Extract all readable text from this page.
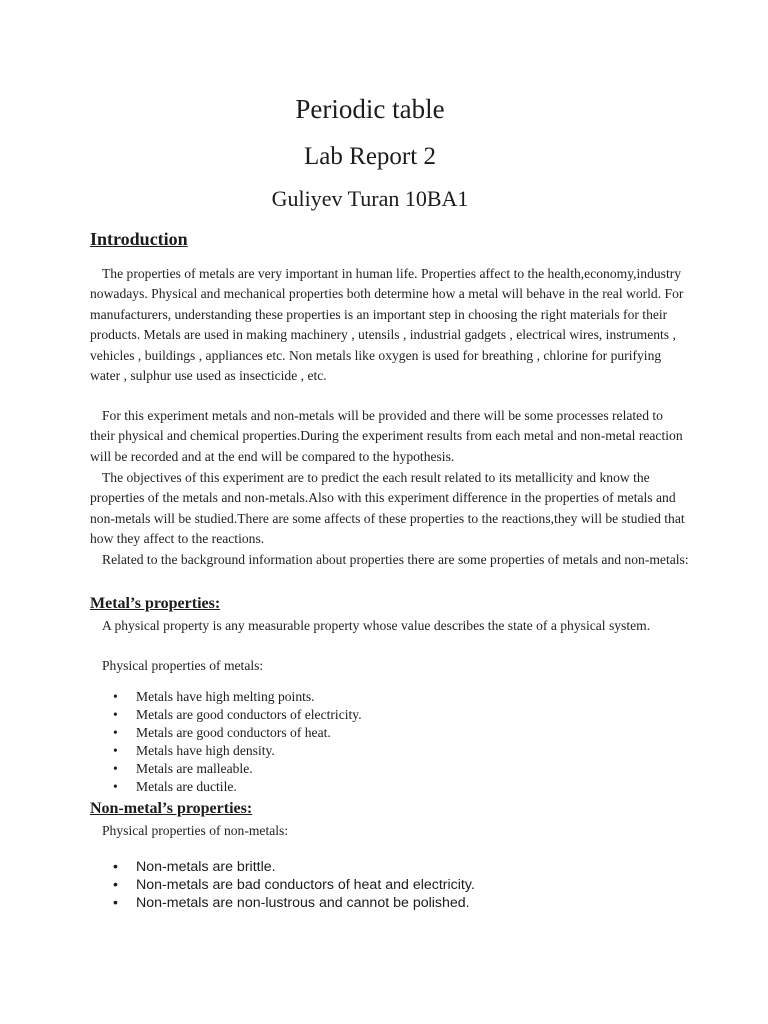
Periodic table
Lab Report 2
Guliyev Turan 10BA1
Introduction

The properties of metals are very important in human life. Properties affect to the health,economy,industry nowadays. Physical and mechanical properties both determine how a metal will behave in the real world. For manufacturers, understanding these properties is an important step in choosing the right materials for their products. Metals are used in making machinery , utensils , industrial gadgets , electrical wires, instruments , vehicles , buildings , appliances etc. Non metals like oxygen is used for breathing , chlorine for purifying water , sulphur use used as insecticide , etc.

For this experiment metals and non-metals will be provided and there will be some processes related to their physical and chemical properties.During the experiment results from each metal and non-metal reaction will be recorded and at the end will be compared to the hypothesis.

The objectives of this experiment are to predict the each result related to its metallicity and know the properties of the metals and non-metals.Also with this experiment difference in the properties of metals and non-metals will be studied.There are some affects of these properties to the reactions,they will be studied that how they affect to the reactions.

Related to the background information about properties there are some properties of metals and non-metals:

Metal’s properties:

A physical property is any measurable property whose value describes the state of a physical system.

Physical properties of metals:

• Metals have high melting points.
• Metals are good conductors of electricity.
• Metals are good conductors of heat.
• Metals have high density.
• Metals are malleable.
• Metals are ductile.
Non-metal’s properties:

Physical properties of non-metals:

• Non-metals are brittle.
• Non-metals are bad conductors of heat and electricity.
• Non-metals are non-lustrous and cannot be polished.
